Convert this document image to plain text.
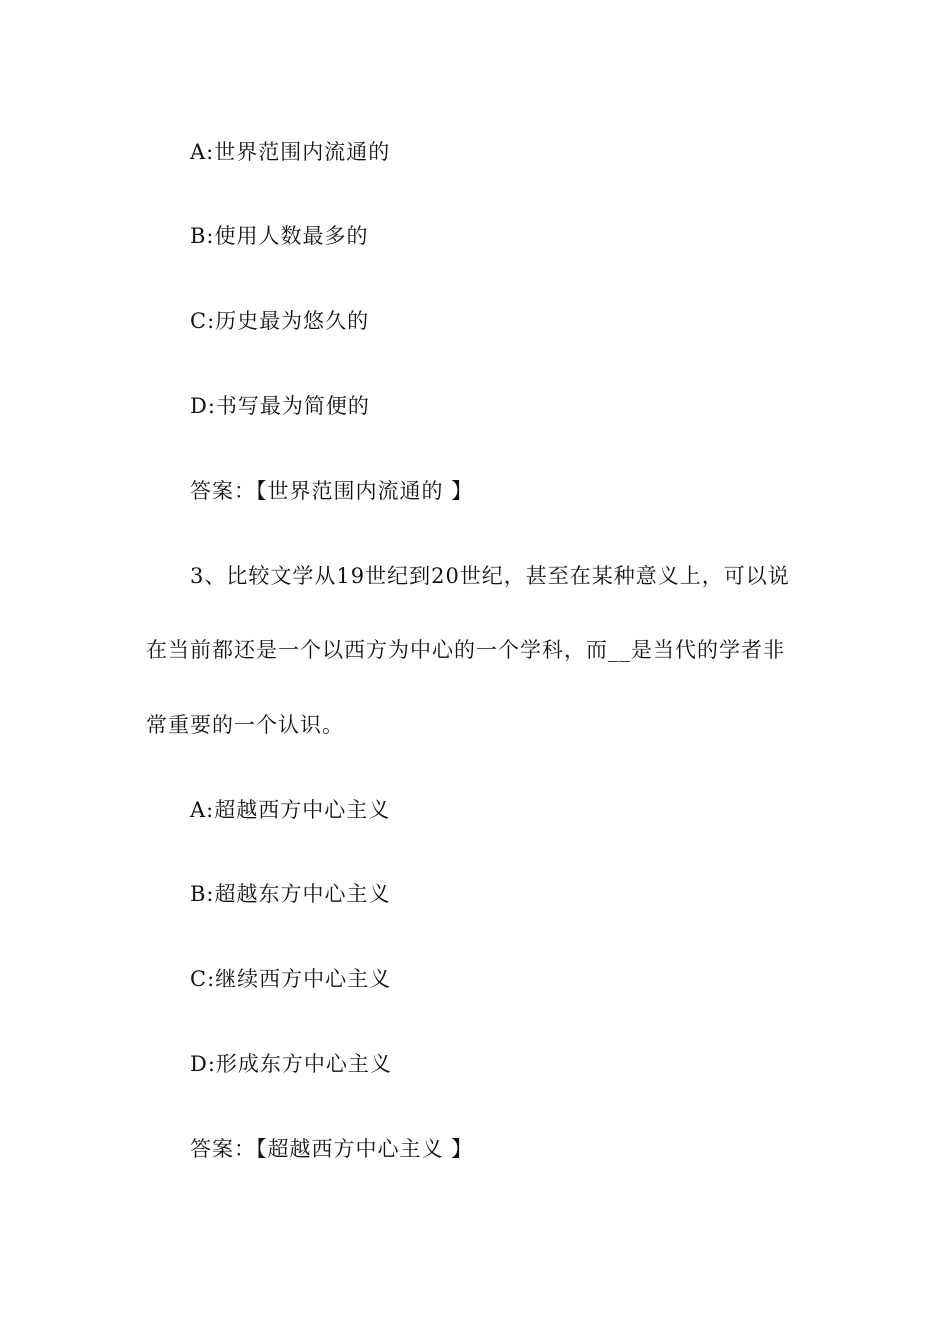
A:世界范围内流通的
B:使用人数最多的
C:历史最为悠久的
D:书写最为简便的
答案：【世界范围内流通的 】
3、比较文学从19世纪到20世纪，甚至在某种意义上，可以说
在当前都还是一个以西方为中心的一个学科，而__是当代的学者非
常重要的一个认识。
A:超越西方中心主义
B:超越东方中心主义
C:继续西方中心主义
D:形成东方中心主义
答案：【超越西方中心主义 】
